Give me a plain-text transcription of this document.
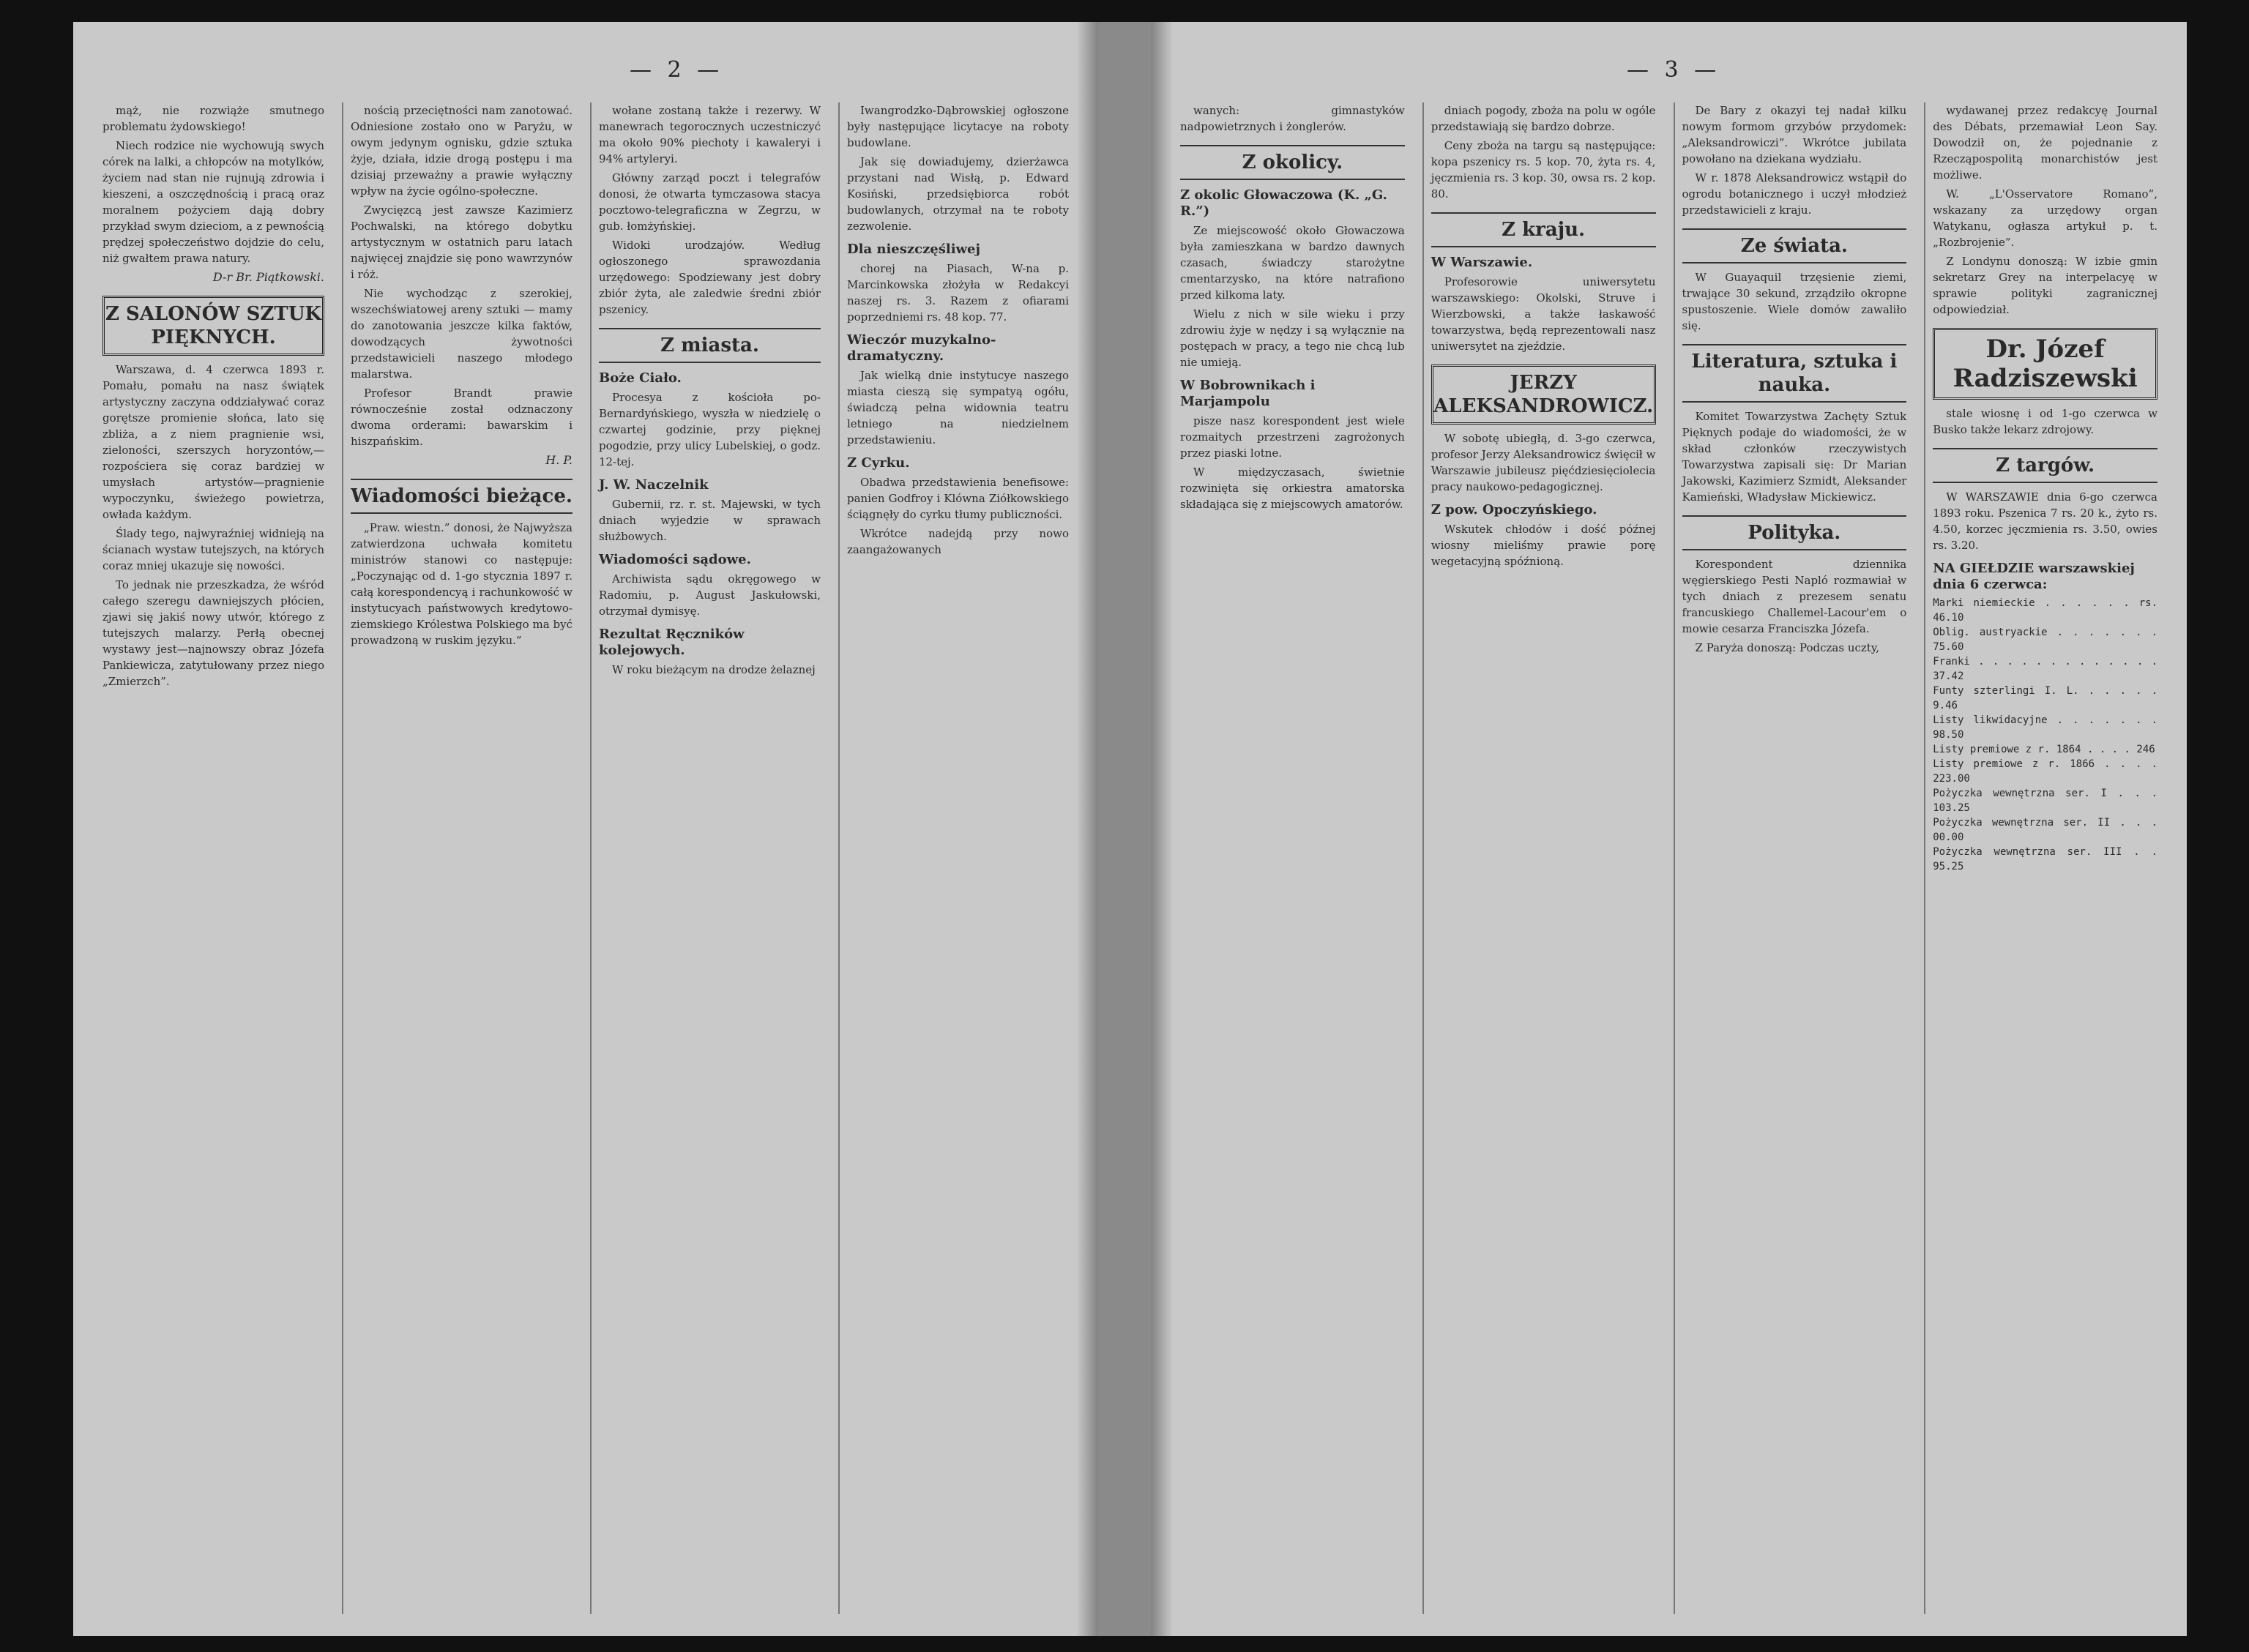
— 2 —

mąż, nie rozwiąże smutnego problematu żydowskiego!

Niech rodzice nie wychowują swych córek na lalki, a chłopców na motylków, życiem nad stan nie rujnują zdrowia i kieszeni, a oszczędnością i pracą oraz moralnem pożyciem dają dobry przykład swym dzieciom, a z pewnością prędzej społeczeństwo dojdzie do celu, niż gwałtem prawa natury.

D-r Br. Piątkowski.
Z SALONÓW SZTUK PIĘKNYCH.

Warszawa, d. 4 czerwca 1893 r. Pomału, pomału na nasz świątek artystyczny zaczyna oddziaływać coraz gorętsze promienie słońca, lato się zbliża, a z niem pragnienie wsi, zieloności, szerszych horyzontów,—rozpościera się coraz bardziej w umysłach artystów—pragnienie wypoczynku, świeżego powietrza, owłada każdym.

Ślady tego, najwyraźniej widnieją na ścianach wystaw tutejszych, na których coraz mniej ukazuje się nowości.

To jednak nie przeszkadza, że wśród całego szeregu dawniejszych płócien, zjawi się jakiś nowy utwór, którego z tutejszych malarzy. Perłą obecnej wystawy jest—najnowszy obraz Józefa Pankiewicza, zatytułowany przez niego „Zmierzch”.

nością przeciętności nam zanotować. Odniesione zostało ono w Paryżu, w owym jedynym ognisku, gdzie sztuka żyje, działa, idzie drogą postępu i ma dzisiaj przeważny a prawie wyłączny wpływ na życie ogólno-społeczne.

Zwycięzcą jest zawsze Kazimierz Pochwalski, na którego dobytku artystycznym w ostatnich paru latach najwięcej znajdzie się pono wawrzynów i róż.

Nie wychodząc z szerokiej, wszechświatowej areny sztuki — mamy do zanotowania jeszcze kilka faktów, dowodzących żywotności przedstawicieli naszego młodego malarstwa.

Profesor Brandt prawie równocześnie został odznaczony dwoma orderami: bawarskim i hiszpańskim.

H. P.
Wiadomości bieżące.

„Praw. wiestn.” donosi, że Najwyższa zatwierdzona uchwała komitetu ministrów stanowi co następuje: „Poczynając od d. 1-go stycznia 1897 r. całą korespondencyą i rachunkowość w instytucyach państwowych kredytowo-ziemskiego Królestwa Polskiego ma być prowadzoną w ruskim języku.”

wołane zostaną także i rezerwy. W manewrach tegorocznych uczestniczyć ma około 90% piechoty i kawaleryi i 94% artyleryi.

Główny zarząd poczt i telegrafów donosi, że otwarta tymczasowa stacya pocztowo-telegraficzna w Zegrzu, w gub. łomżyńskiej.

Widoki urodzajów. Według ogłoszonego sprawozdania urzędowego: Spodziewany jest dobry zbiór żyta, ale zaledwie średni zbiór pszenicy.

Z miasta.
Boże Ciało.

Procesya z kościoła po-Bernardyńskiego, wyszła w niedzielę o czwartej godzinie, przy pięknej pogodzie, przy ulicy Lubelskiej, o godz. 12-tej.

J. W. Naczelnik

Gubernii, rz. r. st. Majewski, w tych dniach wyjedzie w sprawach służbowych.

Wiadomości sądowe.

Archiwista sądu okręgowego w Radomiu, p. August Jaskułowski, otrzymał dymisyę.

Rezultat Ręczników kolejowych.

W roku bieżącym na drodze żelaznej

Iwangrodzko-Dąbrowskiej ogłoszone były następujące licytacye na roboty budowlane.

Jak się dowiadujemy, dzierżawca przystani nad Wisłą, p. Edward Kosiński, przedsiębiorca robót budowlanych, otrzymał na te roboty zezwolenie.

Dla nieszczęśliwej

chorej na Piasach, W-na p. Marcinkowska złożyła w Redakcyi naszej rs. 3. Razem z ofiarami poprzedniemi rs. 48 kop. 77.

Wieczór muzykalno-dramatyczny.

Jak wielką dnie instytucye naszego miasta cieszą się sympatyą ogółu, świadczą pełna widownia teatru letniego na niedzielnem przedstawieniu.

Z Cyrku.

Obadwa przedstawienia benefisowe: panien Godfroy i Klówna Ziółkowskiego ściągnęły do cyrku tłumy publiczności.

Wkrótce nadejdą przy nowo zaangażowanych

— 3 —

wanych: gimnastyków nadpowietrznych i żonglerów.

Z okolicy.
Z okolic Głowaczowa (K. „G. R.”)

Ze miejscowość około Głowaczowa była zamieszkana w bardzo dawnych czasach, świadczy starożytne cmentarzysko, na które natrafiono przed kilkoma laty.

Wielu z nich w sile wieku i przy zdrowiu żyje w nędzy i są wyłącznie na postępach w pracy, a tego nie chcą lub nie umieją.

W Bobrownikach i Marjampolu

pisze nasz korespondent jest wiele rozmaitych przestrzeni zagrożonych przez piaski lotne.

W międzyczasach, świetnie rozwinięta się orkiestra amatorska składająca się z miejscowych amatorów.

dniach pogody, zboża na polu w ogóle przedstawiają się bardzo dobrze.

Ceny zboża na targu są następujące: kopa pszenicy rs. 5 kop. 70, żyta rs. 4, jęczmienia rs. 3 kop. 30, owsa rs. 2 kop. 80.

Z kraju.
W Warszawie.

Profesorowie uniwersytetu warszawskiego: Okolski, Struve i Wierzbowski, a także łaskawość towarzystwa, będą reprezentowali nasz uniwersytet na zjeździe.

JERZY ALEKSANDROWICZ.

W sobotę ubiegłą, d. 3-go czerwca, profesor Jerzy Aleksandrowicz święcił w Warszawie jubileusz pięćdziesięciolecia pracy naukowo-pedagogicznej.

Z pow. Opoczyńskiego.

Wskutek chłodów i dość późnej wiosny mieliśmy prawie porę wegetacyjną spóźnioną.

De Bary z okazyi tej nadał kilku nowym formom grzybów przydomek: „Aleksandrowiczi”. Wkrótce jubilata powołano na dziekana wydziału.

W r. 1878 Aleksandrowicz wstąpił do ogrodu botanicznego i uczył młodzież przedstawicieli z kraju.

Ze świata.

W Guayaquil trzęsienie ziemi, trwające 30 sekund, zrządziło okropne spustoszenie. Wiele domów zawaliło się.

Literatura, sztuka i nauka.

Komitet Towarzystwa Zachęty Sztuk Pięknych podaje do wiadomości, że w skład członków rzeczywistych Towarzystwa zapisali się: Dr Marian Jakowski, Kazimierz Szmidt, Aleksander Kamieński, Władysław Mickiewicz.

Polityka.

Korespondent dziennika węgierskiego Pesti Napló rozmawiał w tych dniach z prezesem senatu francuskiego Challemel-Lacour'em o mowie cesarza Franciszka Józefa.

Z Paryża donoszą: Podczas uczty,

wydawanej przez redakcyę Journal des Débats, przemawiał Leon Say. Dowodził on, że pojednanie z Rzecząpospolitą monarchistów jest możliwe.

W. „L'Osservatore Romano”, wskazany za urzędowy organ Watykanu, ogłasza artykuł p. t. „Rozbrojenie”.

Z Londynu donoszą: W izbie gmin sekretarz Grey na interpelacyę w sprawie polityki zagranicznej odpowiedział.

Dr. Józef Radziszewski

stale wiosnę i od 1-go czerwca w Busko także lekarz zdrojowy.

Z targów.

W WARSZAWIE dnia 6-go czerwca 1893 roku. Pszenica 7 rs. 20 k., żyto rs. 4.50, korzec jęczmienia rs. 3.50, owies rs. 3.20.

NA GIEŁDZIE warszawskiej dnia 6 czerwca:
Marki niemieckie . . . . . . rs. 46.10
Oblig. austryackie . . . . . . . 75.60
Franki . . . . . . . . . . . . . 37.42
Funty szterlingi I. L. . . . . . 9.46
Listy likwidacyjne . . . . . . . 98.50
Listy premiowe z r. 1864 . . . . 246
Listy premiowe z r. 1866 . . . . 223.00
Pożyczka wewnętrzna ser. I . . . 103.25
Pożyczka wewnętrzna ser. II . . . 00.00
Pożyczka wewnętrzna ser. III . . 95.25
